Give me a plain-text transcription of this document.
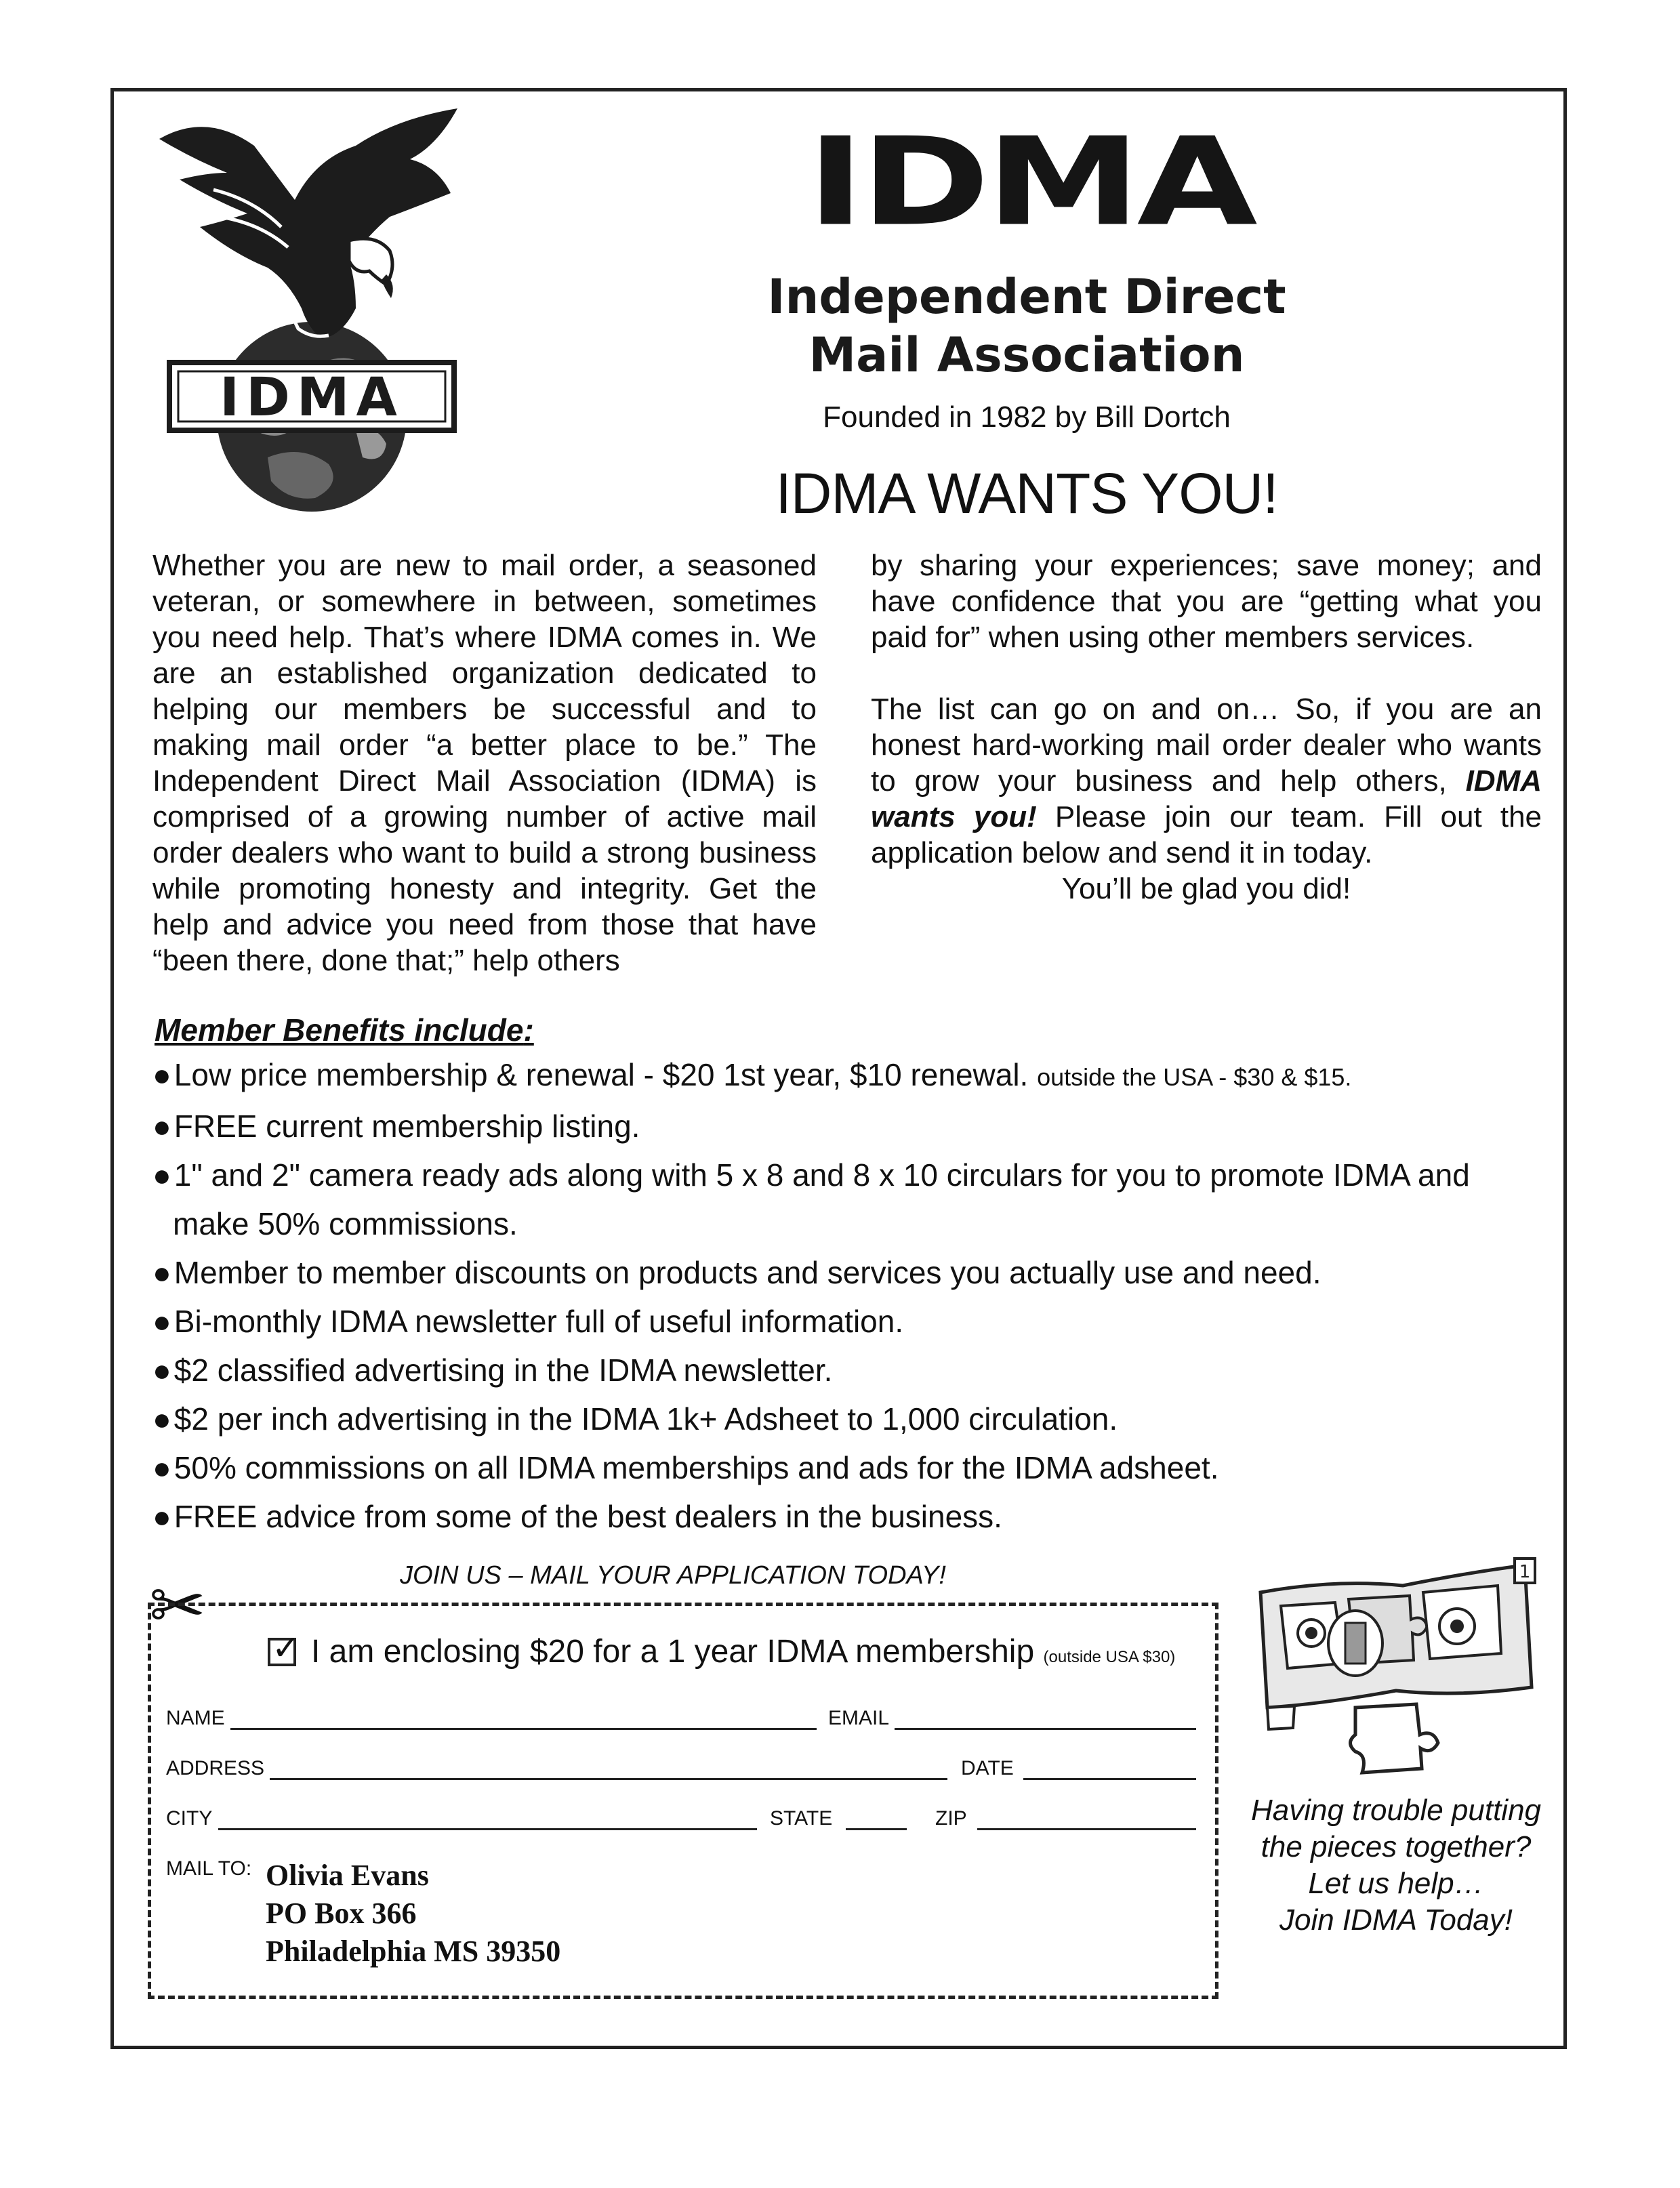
IDMA
IDMA
Independent Direct
Mail Association
Founded in 1982 by Bill Dortch
IDMA WANTS YOU!

Whether you are new to mail order, a seasoned veteran, or somewhere in between, sometimes you need help. That’s where IDMA comes in. We are an established organization dedicated to helping our members be successful and to making mail order “a better place to be.” The Independent Direct Mail Association (IDMA) is comprised of a growing number of active mail order dealers who want to build a strong business while promoting honesty and integrity. Get the help and advice you need from those that have “been there, done that;” help others

by sharing your experiences; save money; and have confidence that you are “getting what you paid for” when using other members services.

The list can go on and on… So, if you are an honest hard-working mail order dealer who wants to grow your business and help others, IDMA wants you! Please join our team. Fill out the application below and send it in today.

You’ll be glad you did!

Member Benefits include:
●Low price membership & renewal - $20 1st year, $10 renewal. outside the USA - $30 & $15.
●FREE current membership listing.
●1" and 2" camera ready ads along with 5 x 8 and 8 x 10 circulars for you to promote IDMA and
make 50% commissions.
●Member to member discounts on products and services you actually use and need.
●Bi-monthly IDMA newsletter full of useful information.
●$2 classified advertising in the IDMA newsletter.
●$2 per inch advertising in the IDMA 1k+ Adsheet to 1,000 circulation.
●50% commissions on all IDMA memberships and ads for the IDMA adsheet.
●FREE advice from some of the best dealers in the business.
JOIN US – MAIL YOUR APPLICATION TODAY!
✂
✓ I am enclosing $20 for a 1 year IDMA membership (outside USA $30)
NAME	EMAIL
ADDRESS	DATE
CITY	STATE	ZIP
MAIL TO: Olivia Evans
PO Box 366
Philadelphia MS 39350
1
Having trouble putting
the pieces together?
Let us help…
Join IDMA Today!
